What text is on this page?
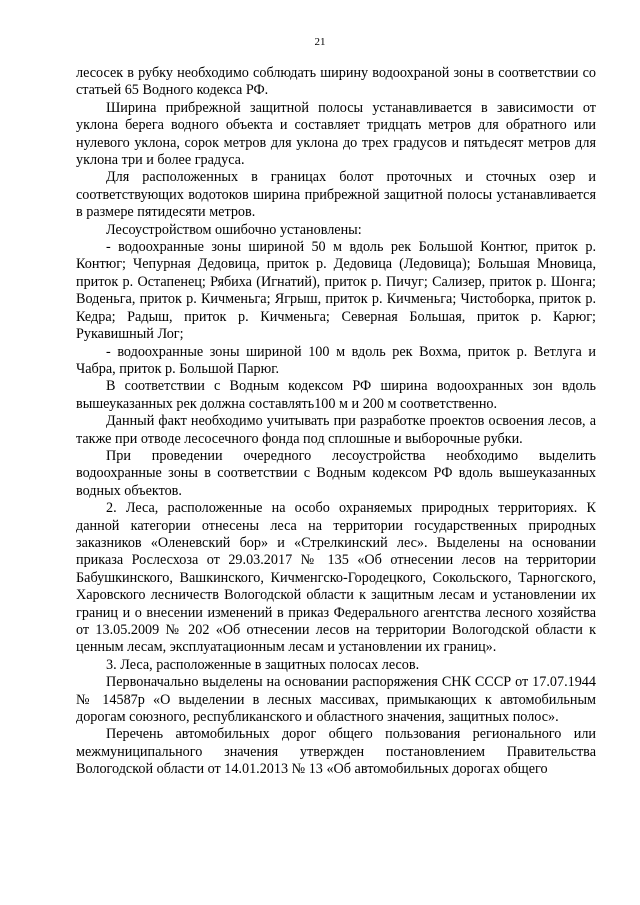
21

лесосек в рубку необходимо соблюдать ширину водоохраной зоны в соответствии со статьей 65 Водного кодекса РФ.

Ширина прибрежной защитной полосы устанавливается в зависимости от уклона берега водного объекта и составляет тридцать метров для обратного или нулевого уклона, сорок метров для уклона до трех градусов и пятьдесят метров для уклона три и более градуса.

Для расположенных в границах болот проточных и сточных озер и соответствующих водотоков ширина прибрежной защитной полосы устанавливается в размере пятидесяти метров.

Лесоустройством ошибочно установлены:

- водоохранные зоны шириной 50 м вдоль рек Большой Контюг, приток р. Контюг; Чепурная Дедовица, приток р. Дедовица (Ледовица); Большая Мновица, приток р. Остапенец; Рябиха (Игнатий), приток р. Пичуг; Сализер, приток р. Шонга; Воденьга, приток р. Кичменьга; Ягрыш, приток р. Кичменьга; Чистоборка, приток р. Кедра; Радыш, приток р. Кичменьга; Северная Большая, приток р. Карюг; Рукавишный Лог;

- водоохранные зоны шириной 100 м вдоль рек Вохма, приток р. Ветлуга и Чабра, приток р. Большой Парюг.

В соответствии с Водным кодексом РФ ширина водоохранных зон вдоль вышеуказанных рек должна составлять100 м и 200 м соответственно.

Данный факт необходимо учитывать при разработке проектов освоения лесов, а также при отводе лесосечного фонда под сплошные и выборочные рубки.

При проведении очередного лесоустройства необходимо выделить водоохранные зоны в соответствии с Водным кодексом РФ вдоль вышеуказанных водных объектов.

2. Леса, расположенные на особо охраняемых природных территориях. К данной категории отнесены леса на территории государственных природных заказников «Оленевский бор» и «Стрелкинский лес». Выделены на основании приказа Рослесхоза от 29.03.2017 № 135 «Об отнесении лесов на территории Бабушкинского, Вашкинского, Кичменгско-Городецкого, Сокольского, Тарногского, Харовского лесничеств Вологодской области к защитным лесам и установлении их границ и о внесении изменений в приказ Федерального агентства лесного хозяйства от 13.05.2009 № 202 «Об отнесении лесов на территории Вологодской области к ценным лесам, эксплуатационным лесам и установлении их границ».

3. Леса, расположенные в защитных полосах лесов.

Первоначально выделены на основании распоряжения СНК СССР от 17.07.1944 № 14587р «О выделении в лесных массивах, примыкающих к автомобильным дорогам союзного, республиканского и областного значения, защитных полос».

Перечень автомобильных дорог общего пользования регионального или межмуниципального значения утвержден постановлением Правительства Вологодской области от 14.01.2013 № 13 «Об автомобильных дорогах общего
